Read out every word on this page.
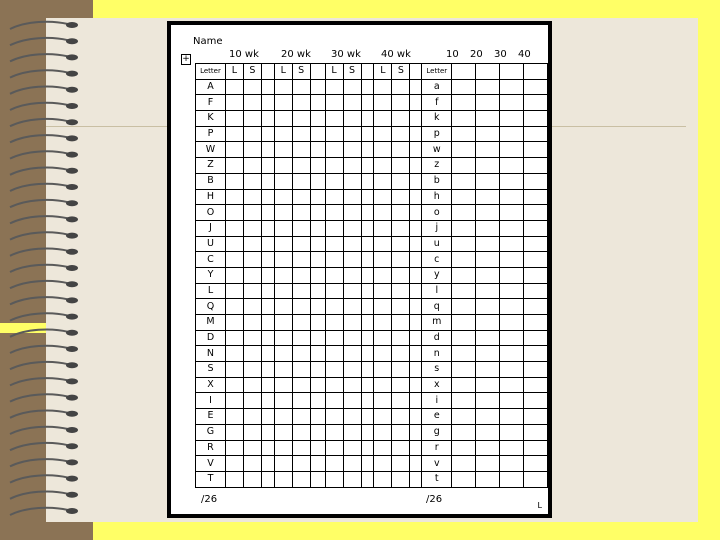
Name
+	10 wk 20 wk 30 wk 40 wk	10 20 30 40
Letter	L	S		L	S		L	S		L	S		Letter				
A													a				
F													f				
K													k				
P													p				
W													w				
Z													z				
B													b				
H													h				
O													o				
J													j				
U													u				
C													c				
Y													y				
L													l				
Q													q				
M													m				
D													d				
N													n				
S													s				
X													x				
I													i				
E													e				
G													g				
R													r				
V													v				
T													t				
/26	/26
L
